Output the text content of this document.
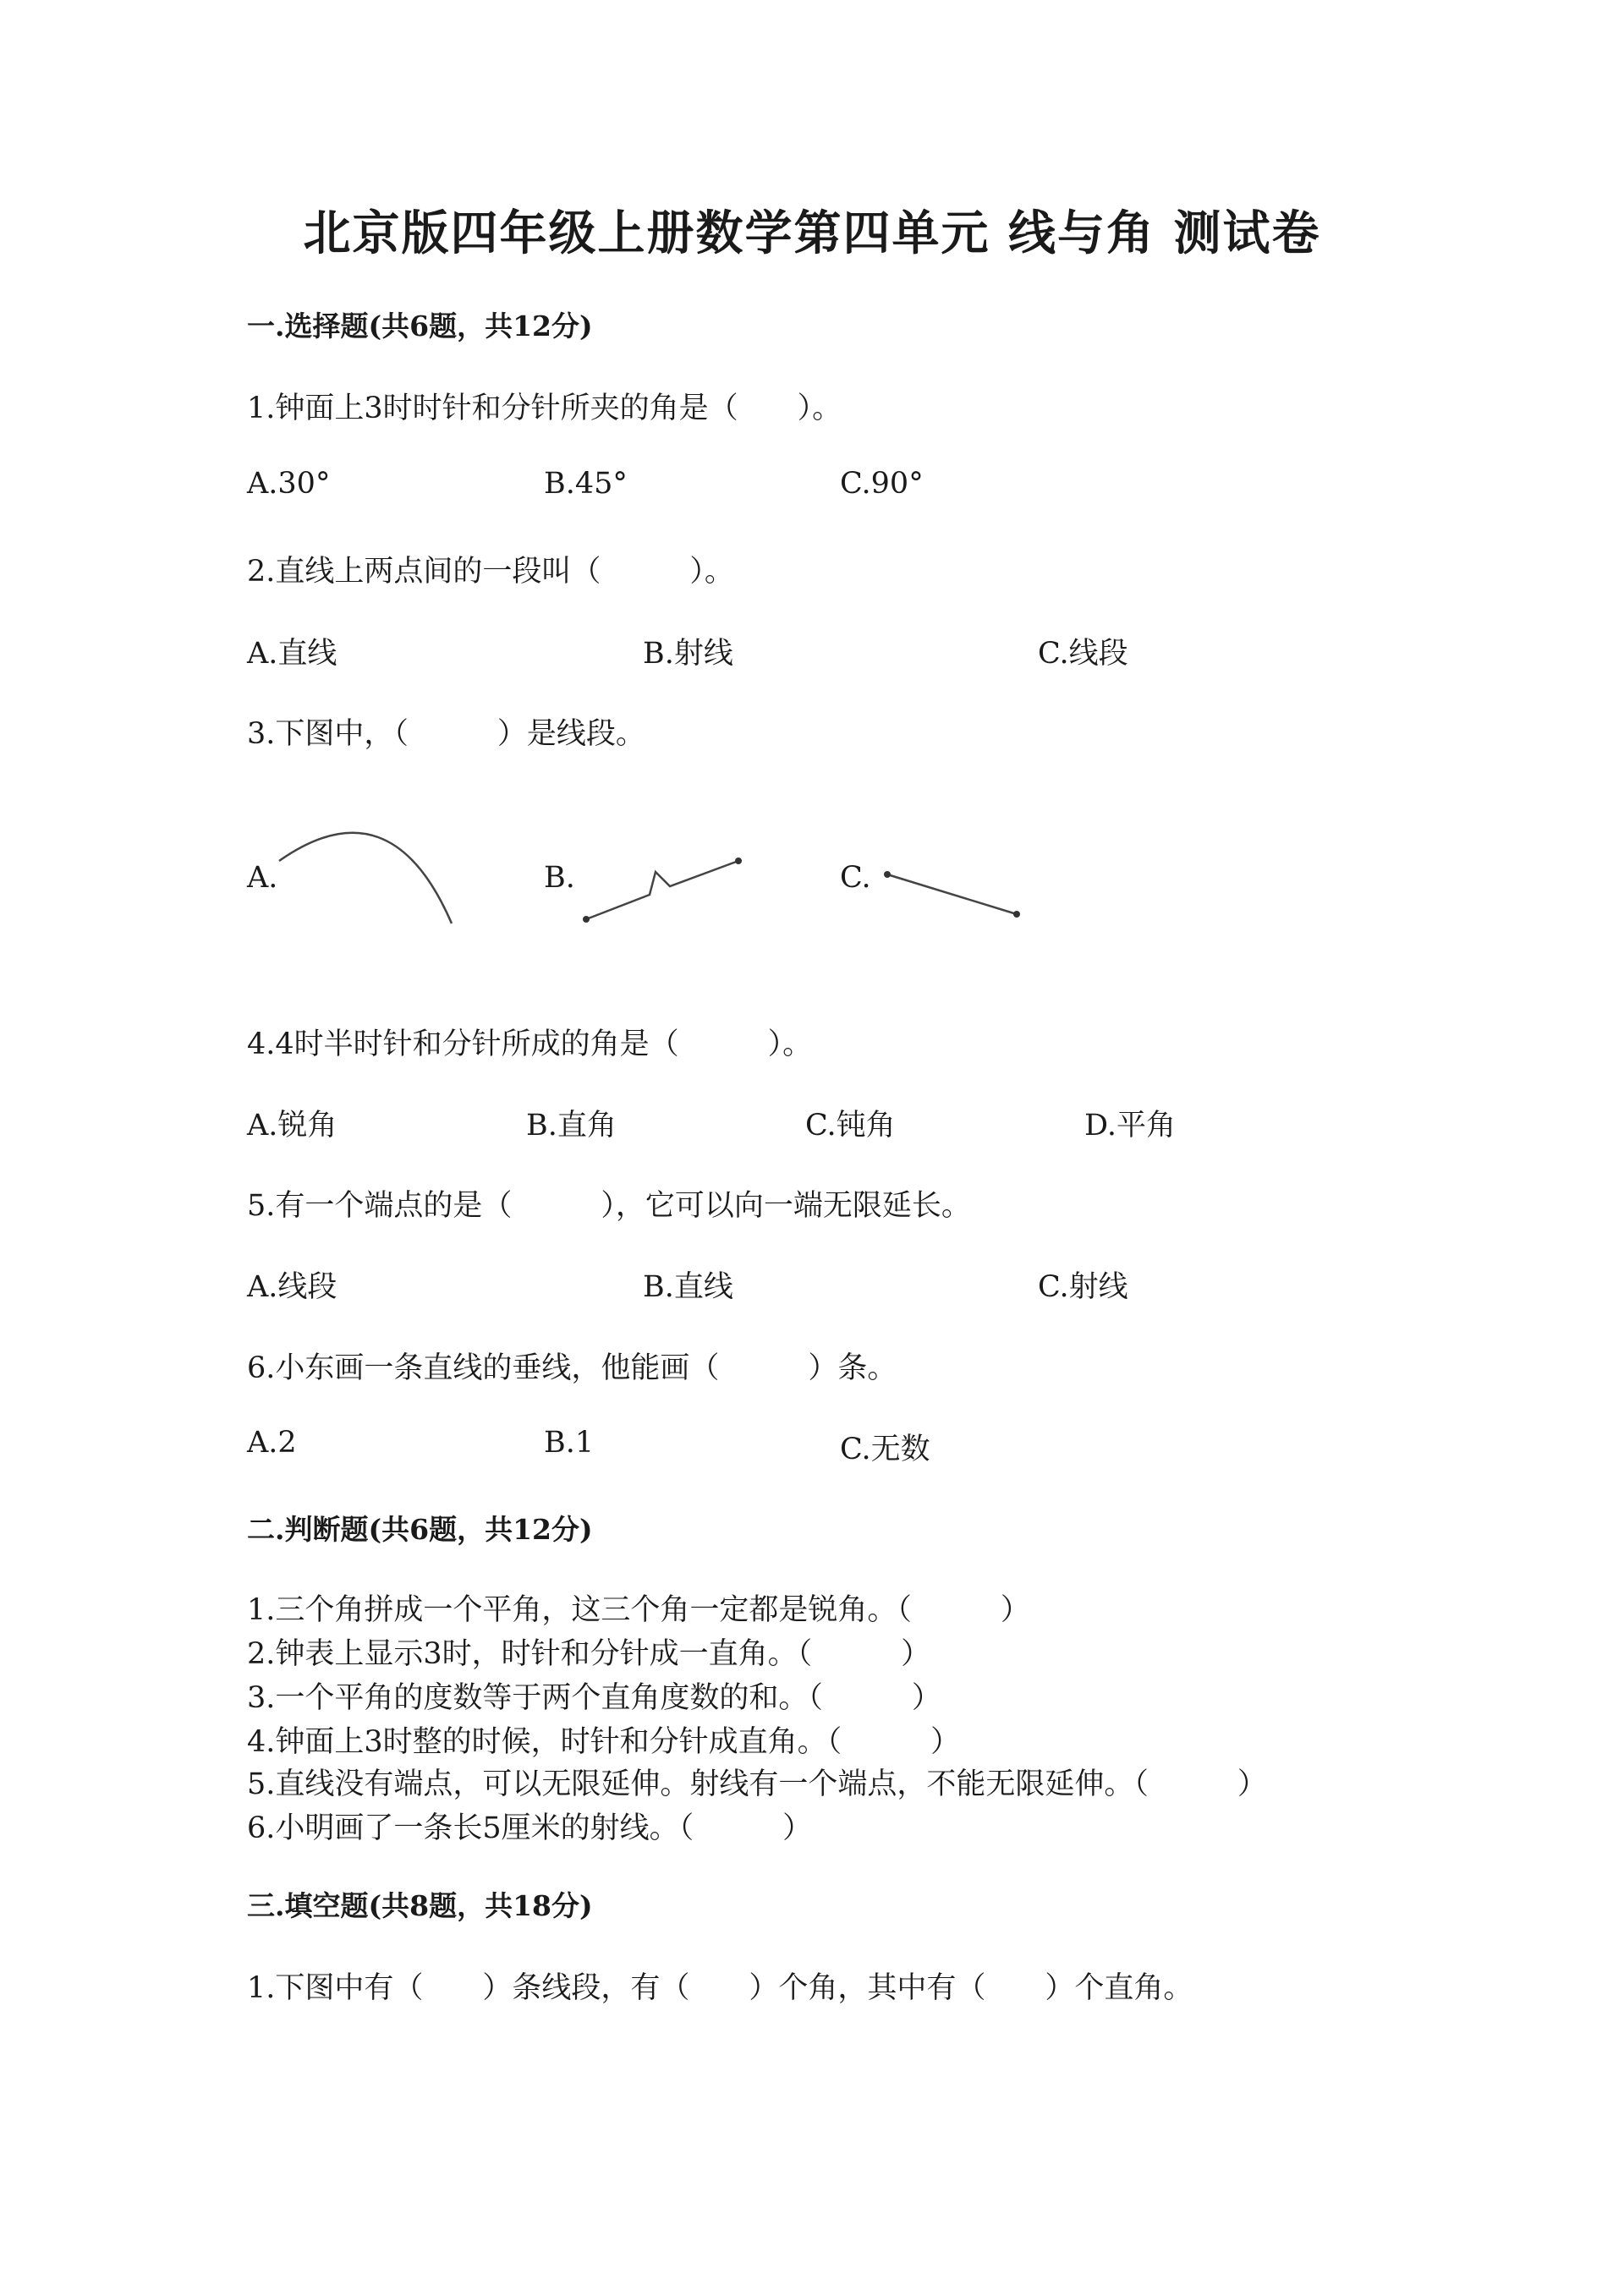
北京版四年级上册数学第四单元 线与角 测试卷
一.选择题(共6题，共12分)
1.钟面上3时时针和分针所夹的角是（　　）。
A.30°	B.45°	C.90°
2.直线上两点间的一段叫（　　　）。
A.直线	B.射线	C.线段
3.下图中，（　　　）是线段。
A.	B.	C.
4.4时半时针和分针所成的角是（　　　）。
A.锐角	B.直角	C.钝角	D.平角
5.有一个端点的是（　　　），它可以向一端无限延长。
A.线段	B.直线	C.射线
6.小东画一条直线的垂线，他能画（　　　）条。
A.2	B.1	C.无数
二.判断题(共6题，共12分)
1.三个角拼成一个平角，这三个角一定都是锐角。（　　　）
2.钟表上显示3时，时针和分针成一直角。（　　　）
3.一个平角的度数等于两个直角度数的和。（　　　）
4.钟面上3时整的时候，时针和分针成直角。（　　　）
5.直线没有端点，可以无限延伸。射线有一个端点，不能无限延伸。（　　　）
6.小明画了一条长5厘米的射线。（　　　）
三.填空题(共8题，共18分)
1.下图中有（　　）条线段，有（　　）个角，其中有（　　）个直角。
